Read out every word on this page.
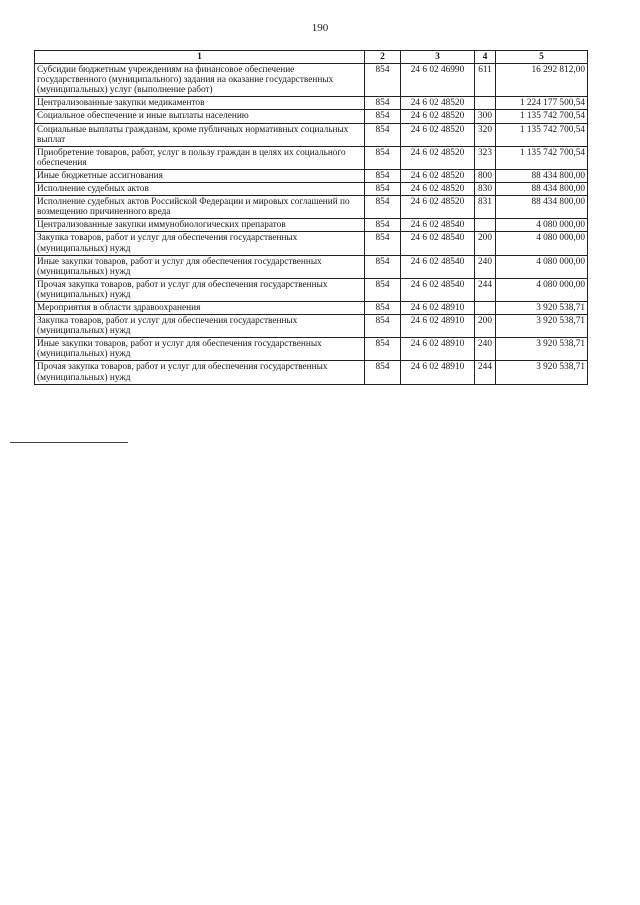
· · · ·
190
1	2	3	4	5
Субсидии бюджетным учреждениям на финансовое обеспечение государственного (муниципального) задания на оказание государственных (муниципальных) услуг (выполнение работ)	854	24 6 02 46990	611	16 292 812,00
Централизованные закупки медикаментов	854	24 6 02 48520		1 224 177 500,54
Социальное обеспечение и иные выплаты населению	854	24 6 02 48520	300	1 135 742 700,54
Социальные выплаты гражданам, кроме публичных нормативных социальных выплат	854	24 6 02 48520	320	1 135 742 700,54
Приобретение товаров, работ, услуг в пользу граждан в целях их социального обеспечения	854	24 6 02 48520	323	1 135 742 700,54
Иные бюджетные ассигнования	854	24 6 02 48520	800	88 434 800,00
Исполнение судебных актов	854	24 6 02 48520	830	88 434 800,00
Исполнение судебных актов Российской Федерации и мировых соглашений по возмещению причиненного вреда	854	24 6 02 48520	831	88 434 800,00
Централизованные закупки иммунобиологических препаратов	854	24 6 02 48540		4 080 000,00
Закупка товаров, работ и услуг для обеспечения государственных (муниципальных) нужд	854	24 6 02 48540	200	4 080 000,00
Иные закупки товаров, работ и услуг для обеспечения государственных (муниципальных) нужд	854	24 6 02 48540	240	4 080 000,00
Прочая закупка товаров, работ и услуг для обеспечения государственных (муниципальных) нужд	854	24 6 02 48540	244	4 080 000,00
Мероприятия в области здравоохранения	854	24 6 02 48910		3 920 538,71
Закупка товаров, работ и услуг для обеспечения государственных (муниципальных) нужд	854	24 6 02 48910	200	3 920 538,71
Иные закупки товаров, работ и услуг для обеспечения государственных (муниципальных) нужд	854	24 6 02 48910	240	3 920 538,71
Прочая закупка товаров, работ и услуг для обеспечения государственных (муниципальных) нужд	854	24 6 02 48910	244	3 920 538,71
